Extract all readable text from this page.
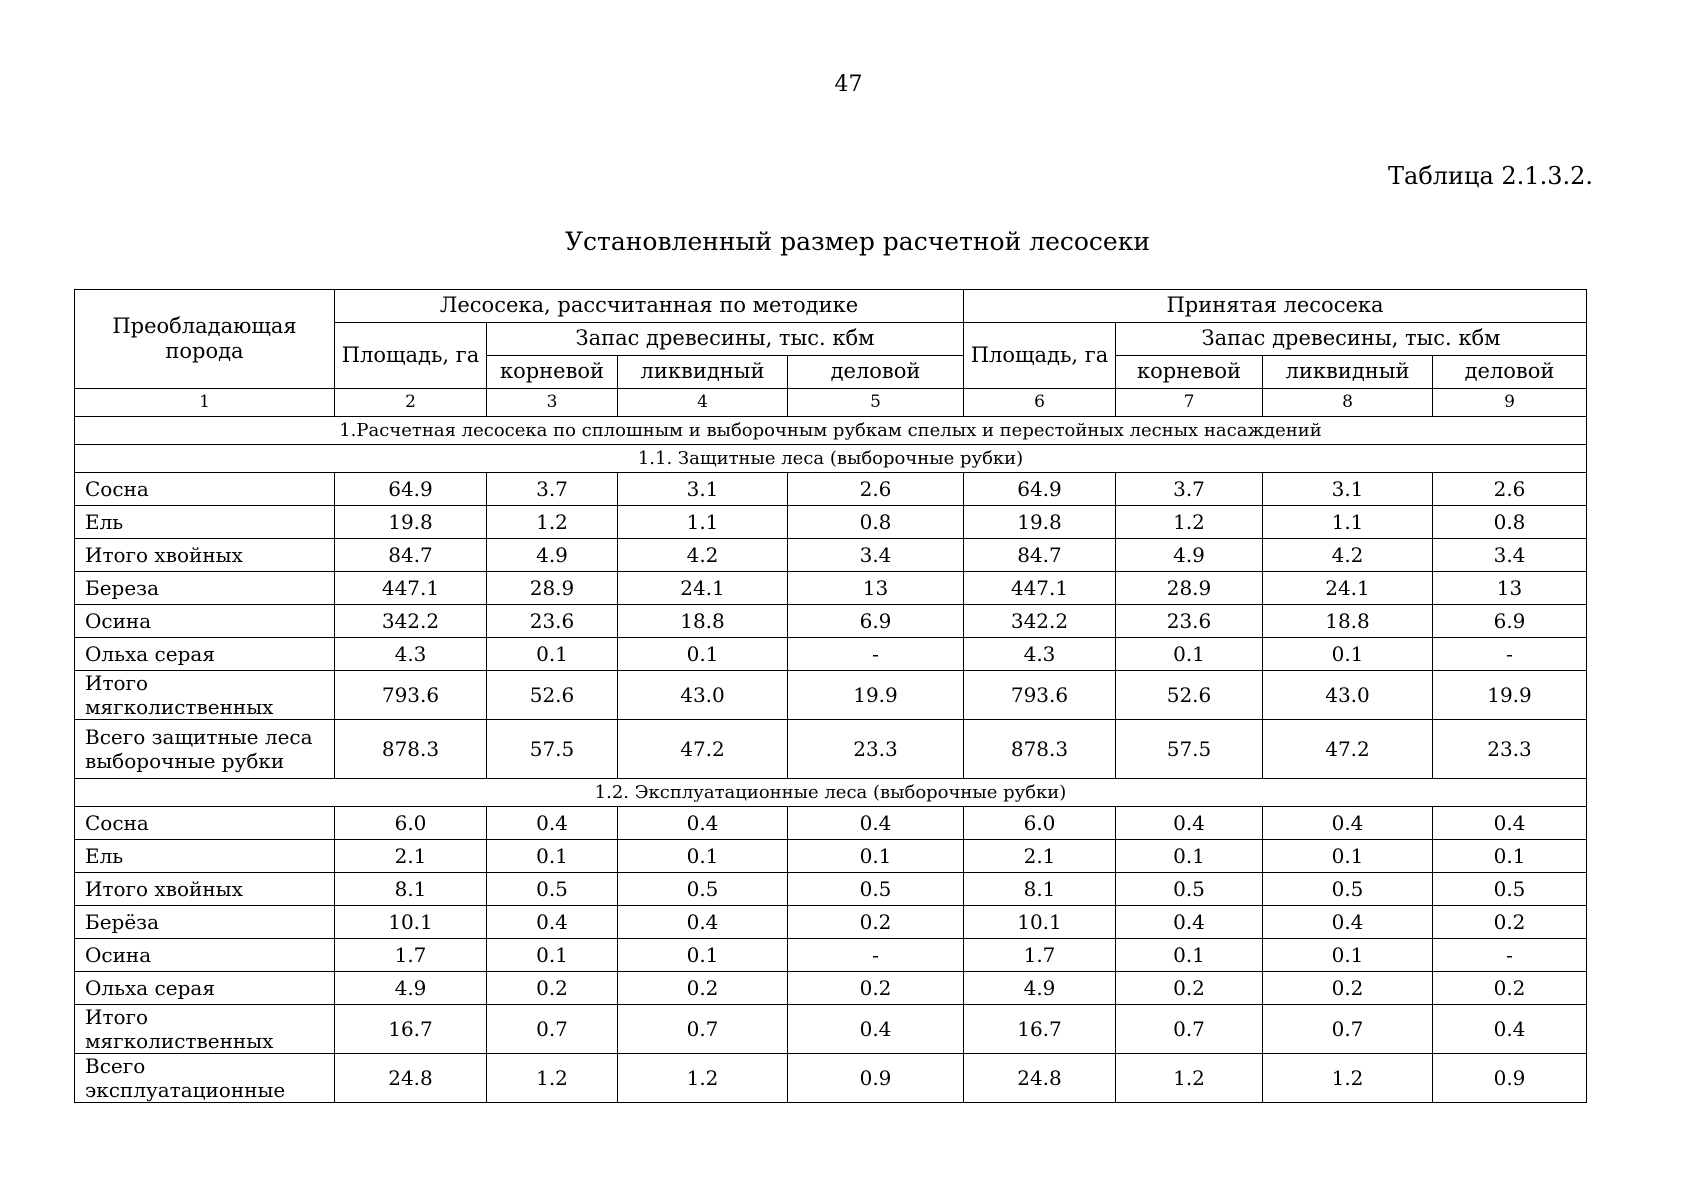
47
Таблица 2.1.3.2.
Установленный размер расчетной лесосеки
Преобладающая порода	Лесосека, рассчитанная по методике				Принятая лесосека			
	Площадь, га	Запас древесины, тыс. кбм			Площадь, га	Запас древесины, тыс. кбм		
		корневой	ликвидный	деловой		корневой	ликвидный	деловой
1	2	3	4	5	6	7	8	9
1.Расчетная лесосека по сплошным и выборочным рубкам спелых и перестойных лесных насаждений								
1.1. Защитные леса (выборочные рубки)								
Сосна	64.9	3.7	3.1	2.6	64.9	3.7	3.1	2.6
Ель	19.8	1.2	1.1	0.8	19.8	1.2	1.1	0.8
Итого хвойных	84.7	4.9	4.2	3.4	84.7	4.9	4.2	3.4
Береза	447.1	28.9	24.1	13	447.1	28.9	24.1	13
Осина	342.2	23.6	18.8	6.9	342.2	23.6	18.8	6.9
Ольха серая	4.3	0.1	0.1	-	4.3	0.1	0.1	-
Итого мягколиственных	793.6	52.6	43.0	19.9	793.6	52.6	43.0	19.9
Всего защитные леса выборочные рубки	878.3	57.5	47.2	23.3	878.3	57.5	47.2	23.3
1.2. Эксплуатационные леса (выборочные рубки)								
Сосна	6.0	0.4	0.4	0.4	6.0	0.4	0.4	0.4
Ель	2.1	0.1	0.1	0.1	2.1	0.1	0.1	0.1
Итого хвойных	8.1	0.5	0.5	0.5	8.1	0.5	0.5	0.5
Берёза	10.1	0.4	0.4	0.2	10.1	0.4	0.4	0.2
Осина	1.7	0.1	0.1	-	1.7	0.1	0.1	-
Ольха серая	4.9	0.2	0.2	0.2	4.9	0.2	0.2	0.2
Итого мягколиственных	16.7	0.7	0.7	0.4	16.7	0.7	0.7	0.4
Всего эксплуатационные	24.8	1.2	1.2	0.9	24.8	1.2	1.2	0.9
